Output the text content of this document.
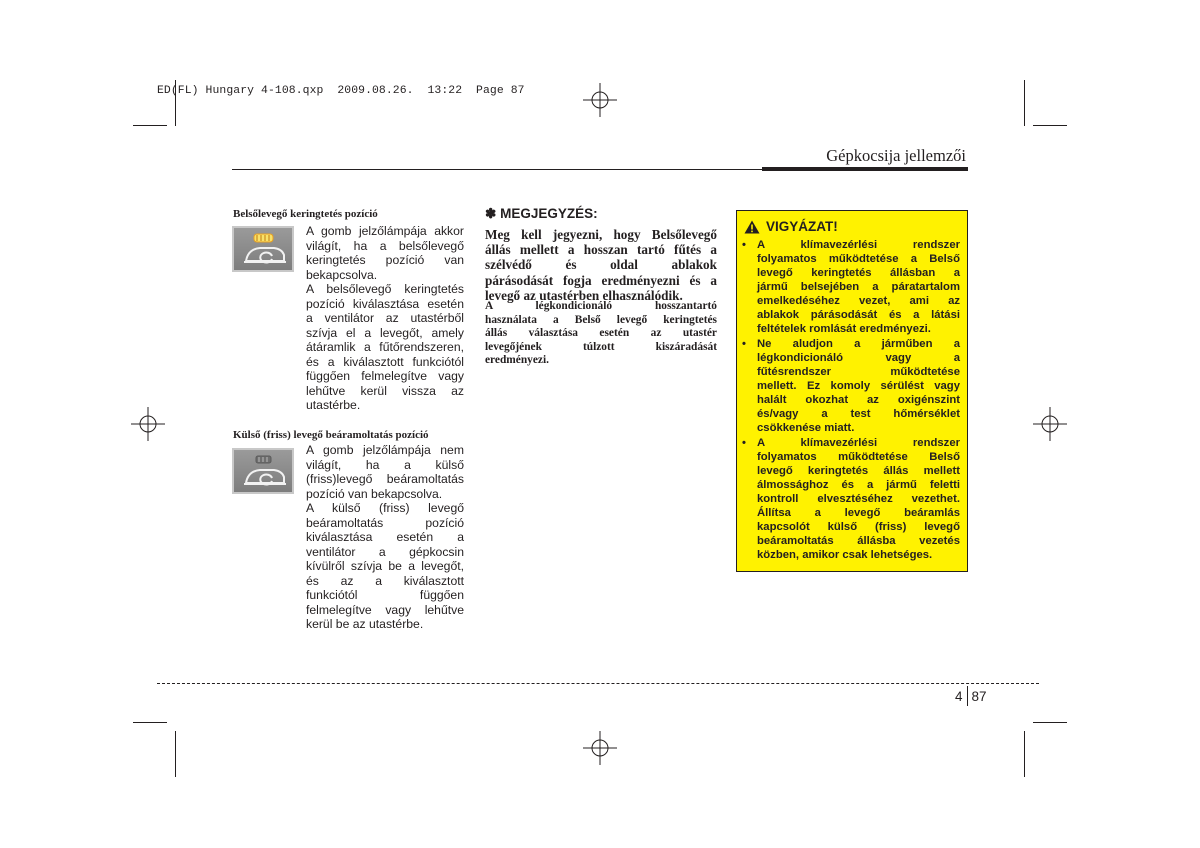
ED(FL) Hungary 4-108.qxp  2009.08.26.  13:22  Page 87
Gépkocsija jellemzői
Belsőlevegő keringtetés pozíció
A gomb jelzőlámpája akkor
világít, ha a belsőlevegő
keringtetés pozíció van
bekapcsolva.
A belsőlevegő keringtetés
pozíció kiválasztása esetén
a ventilátor az utastérből
szívja el a levegőt, amely
átáramlik a fűtőrendszeren,
és a kiválasztott funkciótól
függően felmelegítve vagy
lehűtve kerül vissza az
utastérbe.
Külső (friss) levegő beáramoltatás pozíció
A gomb jelzőlámpája nem
világít, ha a külső
(friss)levegő beáramoltatás
pozíció van bekapcsolva.
A külső (friss) levegő
beáramoltatás pozíció
kiválasztása esetén a
ventilátor a gépkocsin
kívülről szívja be a levegőt,
és az a kiválasztott
funkciótól függően
felmelegítve vagy lehűtve
kerül be az utastérbe.
✽ MEGJEGYZÉS:
Meg kell jegyezni, hogy Belsőlevegő
állás mellett a hosszan tartó fűtés a
szélvédő és oldal ablakok
párásodását fogja eredményezni és a
levegő az utastérben elhasználódik.
A légkondicionáló hosszantartó
használata a Belső levegő keringtetés
állás választása esetén az utastér
levegőjének túlzott kiszáradását
eredményezi.
VIGYÁZAT!
• A klímavezérlési rendszer
folyamatos működtetése a Belső
levegő keringtetés állásban a
jármű belsejében a páratartalom
emelkedéséhez vezet, ami az
ablakok párásodását és a látási
feltételek romlását eredményezi.
• Ne aludjon a járműben a
légkondicionáló vagy a
fűtésrendszer működtetése
mellett. Ez komoly sérülést vagy
halált okozhat az oxigénszint
és/vagy a test hőmérséklet
csökkenése miatt.
• A klímavezérlési rendszer
folyamatos működtetése Belső
levegő keringtetés állás mellett
álmossághoz és a jármű feletti
kontroll elvesztéséhez vezethet.
Állítsa a levegő beáramlás
kapcsolót külső (friss) levegő
beáramoltatás állásba vezetés
közben, amikor csak lehetséges.
4 87
